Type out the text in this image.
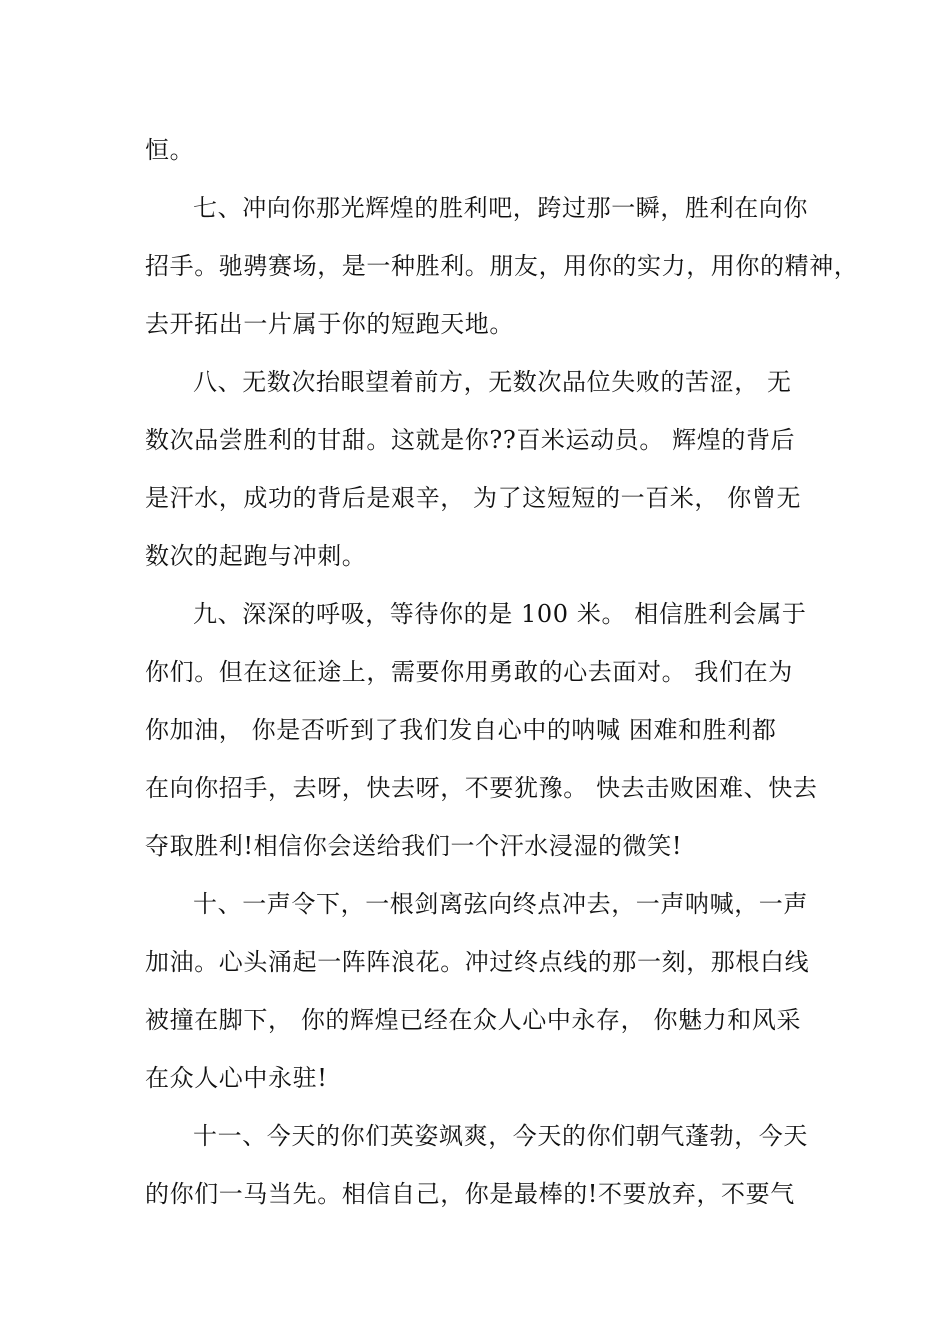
恒。
七、冲向你那光辉煌的胜利吧，跨过那一瞬，胜利在向你
招手。驰骋赛场，是一种胜利。朋友，用你的实力，用你的精神，
去开拓出一片属于你的短跑天地。
八、无数次抬眼望着前方，无数次品位失败的苦涩， 无
数次品尝胜利的甘甜。这就是你??百米运动员。 辉煌的背后
是汗水，成功的背后是艰辛， 为了这短短的一百米， 你曾无
数次的起跑与冲刺。
九、深深的呼吸，等待你的是 100 米。 相信胜利会属于
你们。但在这征途上，需要你用勇敢的心去面对。 我们在为
你加油， 你是否听到了我们发自心中的呐喊 困难和胜利都
在向你招手，去呀，快去呀，不要犹豫。 快去击败困难、快去
夺取胜利!相信你会送给我们一个汗水浸湿的微笑!
十、一声令下，一根剑离弦向终点冲去，一声呐喊，一声
加油。心头涌起一阵阵浪花。冲过终点线的那一刻，那根白线
被撞在脚下， 你的辉煌已经在众人心中永存， 你魅力和风采
在众人心中永驻!
十一、今天的你们英姿飒爽，今天的你们朝气蓬勃，今天
的你们一马当先。相信自己，你是最棒的!不要放弃，不要气
